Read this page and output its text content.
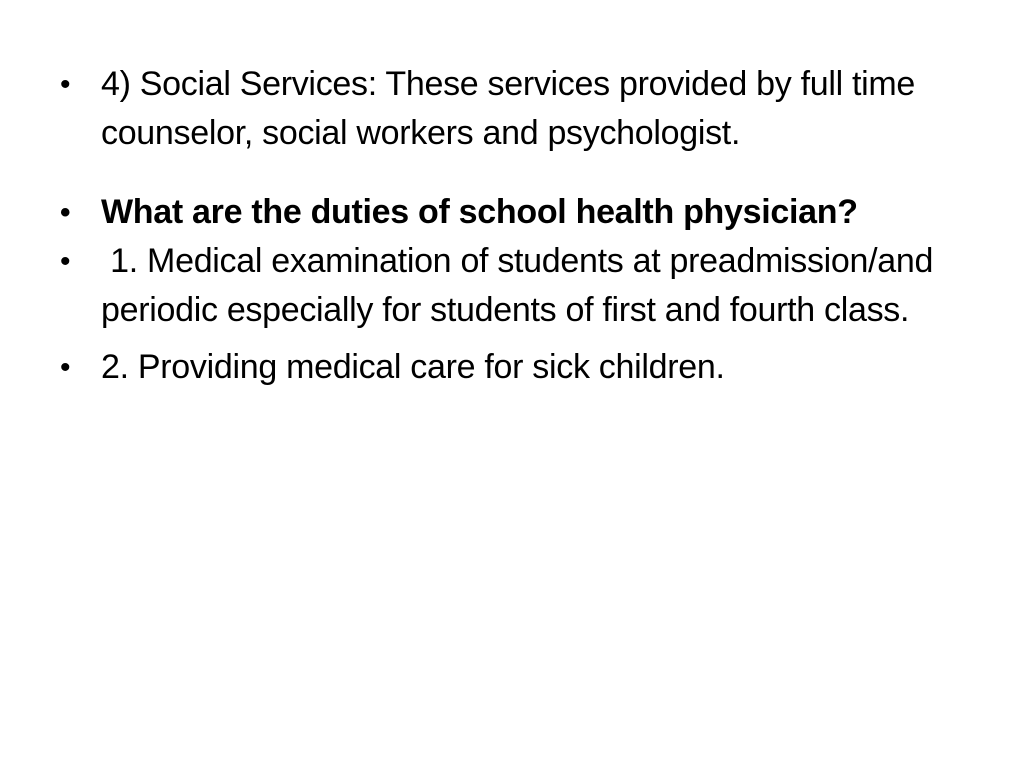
• 4) Social Services: These services provided by full time counselor, social workers and psychologist.
• What are the duties of school health physician?
• 1. Medical examination of students at preadmission/and periodic especially for students of first and fourth class.
• 2. Providing medical care for sick children.
